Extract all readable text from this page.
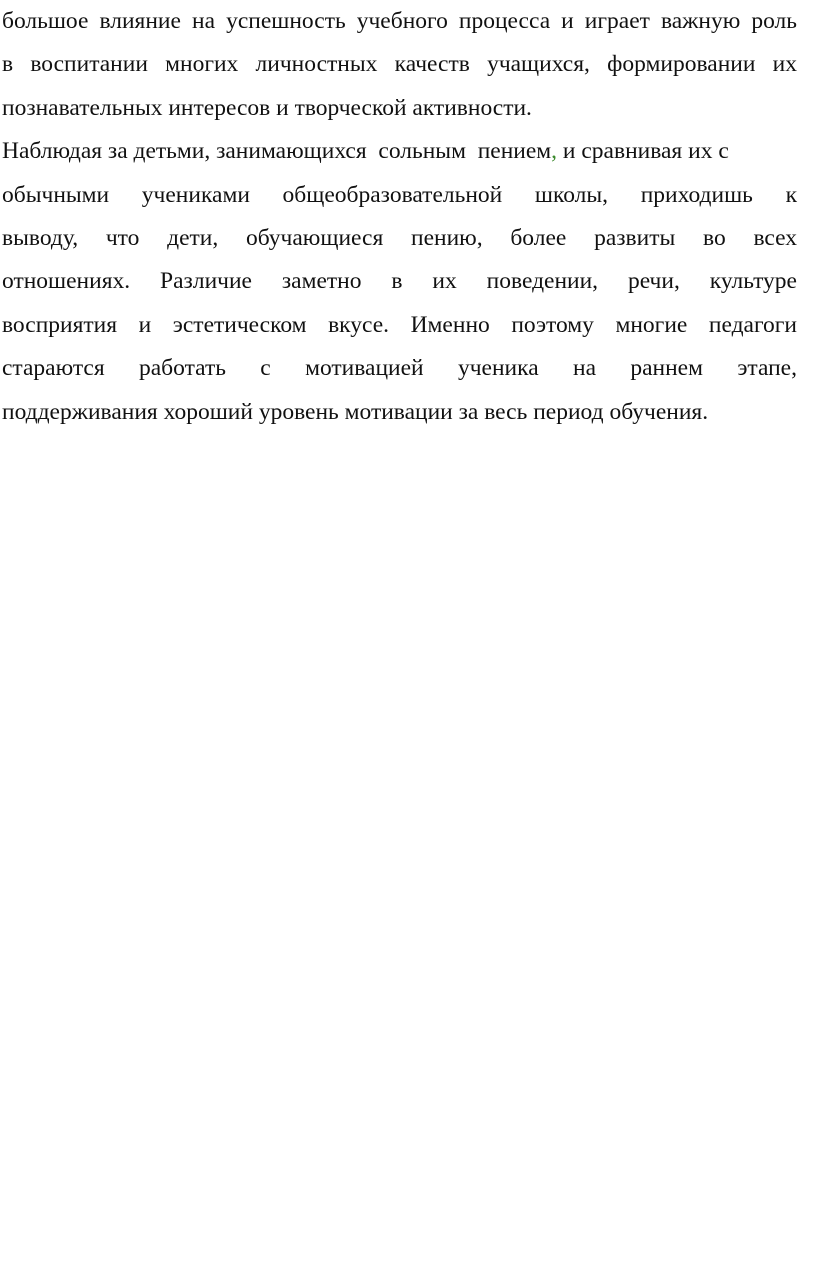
большое влияние на успешность учебного процесса и играет важную роль
в воспитании многих личностных качеств учащихся, формировании их
познавательных интересов и творческой активности.
Наблюдая за детьми, занимающихся  сольным  пением, и сравнивая их с
обычными учениками общеобразовательной школы, приходишь к
выводу, что дети, обучающиеся пению, более развиты во всех
отношениях. Различие заметно в их поведении, речи, культуре
восприятия и эстетическом вкусе. Именно поэтому многие педагоги
стараются работать с мотивацией ученика на раннем этапе,
поддерживания хороший уровень мотивации за весь период обучения.
